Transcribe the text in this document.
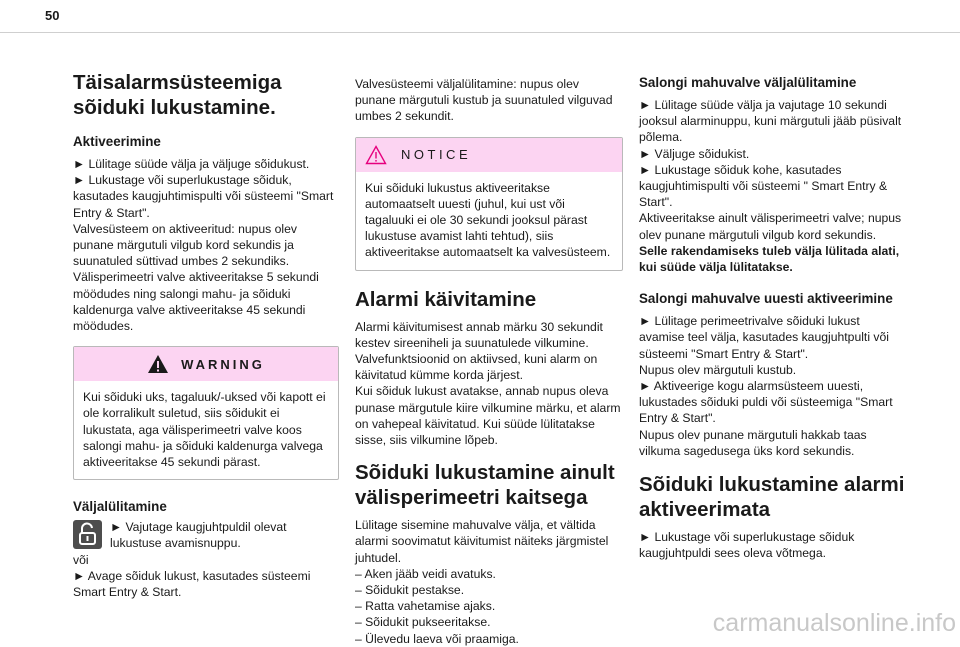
50
Täisalarmsüsteemiga sõiduki lukustamine.
Aktiveerimine

► Lülitage süüde välja ja väljuge sõidukust.

► Lukustage või superlukustage sõiduk, kasutades kaugjuhtimispulti või süsteemi "Smart Entry & Start".

Valvesüsteem on aktiveeritud: nupus olev punane märgutuli vilgub kord sekundis ja suunatuled süttivad umbes 2 sekundiks.

Välisperimeetri valve aktiveeritakse 5 sekundi möödudes ning salongi mahu- ja sõiduki kaldenurga valve aktiveeritakse 45 sekundi möödudes.

WARNING

Kui sõiduki uks, tagaluuk/-uksed või kapott ei ole korralikult suletud, siis sõidukit ei lukustata, aga välisperimeetri valve koos salongi mahu- ja sõiduki kaldenurga valvega aktiveeritakse 45 sekundi pärast.

Väljalülitamine

► Vajutage kaugjuhtpuldil olevat lukustuse avamisnuppu.

või

► Avage sõiduk lukust, kasutades süsteemi Smart Entry & Start.

Valvesüsteemi väljalülitamine: nupus olev punane märgutuli kustub ja suunatuled vilguvad umbes 2 sekundit.

NOTICE

Kui sõiduki lukustus aktiveeritakse automaatselt uuesti (juhul, kui ust või tagaluuki ei ole 30 sekundi jooksul pärast lukustuse avamist lahti tehtud), siis aktiveeritakse automaatselt ka valvesüsteem.

Alarmi käivitamine

Alarmi käivitumisest annab märku 30 sekundit kestev sireeniheli ja suunatulede vilkumine. Valvefunktsioonid on aktiivsed, kuni alarm on käivitatud kümme korda järjest.
Kui sõiduk lukust avatakse, annab nupus oleva punase märgutule kiire vilkumine märku, et alarm on vahepeal käivitatud. Kui süüde lülitatakse sisse, siis vilkumine lõpeb.

Sõiduki lukustamine ainult välisperimeetri kaitsega

Lülitage sisemine mahuvalve välja, et vältida alarmi soovimatut käivitumist näiteks järgmistel juhtudel.

– Aken jääb veidi avatuks.

– Sõidukit pestakse.

– Ratta vahetamise ajaks.

– Sõidukit pukseeritakse.

– Ülevedu laeva või praamiga.

Salongi mahuvalve väljalülitamine

► Lülitage süüde välja ja vajutage 10 sekundi jooksul alarminuppu, kuni märgutuli jääb püsivalt põlema.

► Väljuge sõidukist.

► Lukustage sõiduk kohe, kasutades kaugjuhtimispulti või süsteemi " Smart Entry & Start".

Aktiveeritakse ainult välisperimeetri valve; nupus olev punane märgutuli vilgub kord sekundis.

Selle rakendamiseks tuleb välja lülitada alati, kui süüde välja lülitatakse.

Salongi mahuvalve uuesti aktiveerimine

► Lülitage perimeetrivalve sõiduki lukust avamise teel välja, kasutades kaugjuhtpulti või süsteemi "Smart Entry & Start".

Nupus olev märgutuli kustub.

► Aktiveerige kogu alarmsüsteem uuesti, lukustades sõiduki puldi või süsteemiga "Smart Entry & Start".

Nupus olev punane märgutuli hakkab taas vilkuma sagedusega üks kord sekundis.

Sõiduki lukustamine alarmi aktiveerimata

► Lukustage või superlukustage sõiduk kaugjuhtpuldi sees oleva võtmega.

carmanualsonline.info
